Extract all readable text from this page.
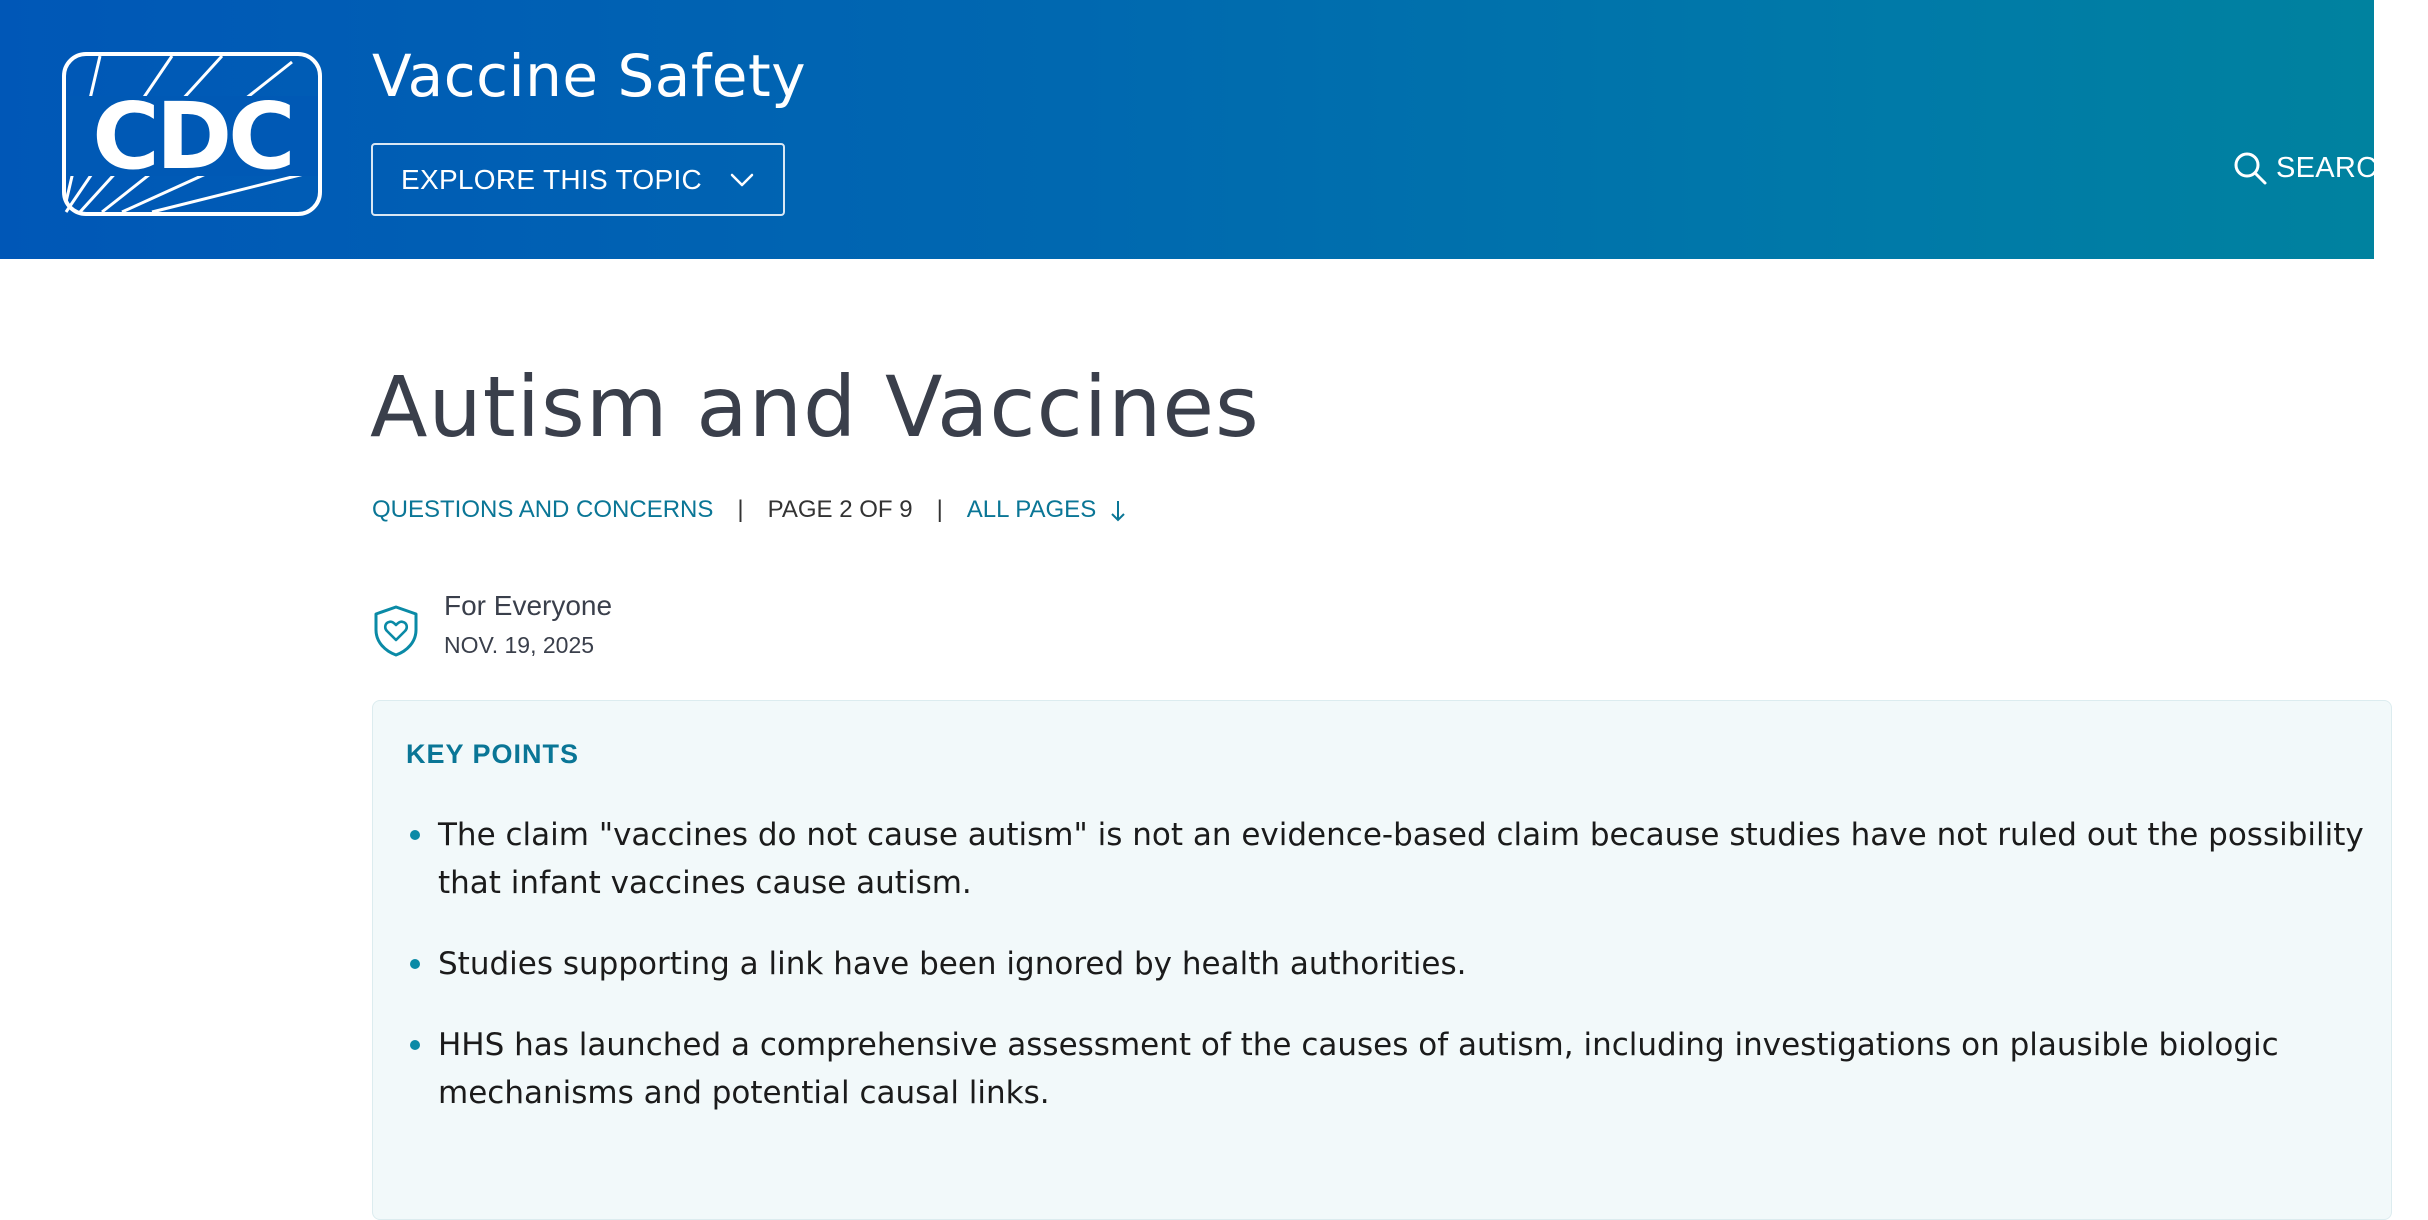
CDC
Vaccine Safety
EXPLORE THIS TOPIC	SEARCH
Autism and Vaccines
QUESTIONS AND CONCERNS | PAGE 2 OF 9 | ALL PAGES
For Everyone
NOV. 19, 2025
KEY POINTS
The claim "vaccines do not cause autism" is not an evidence-based claim because studies have not ruled out the possibility that infant vaccines cause autism.
Studies supporting a link have been ignored by health authorities.
HHS has launched a comprehensive assessment of the causes of autism, including investigations on plausible biologic mechanisms and potential causal links.
